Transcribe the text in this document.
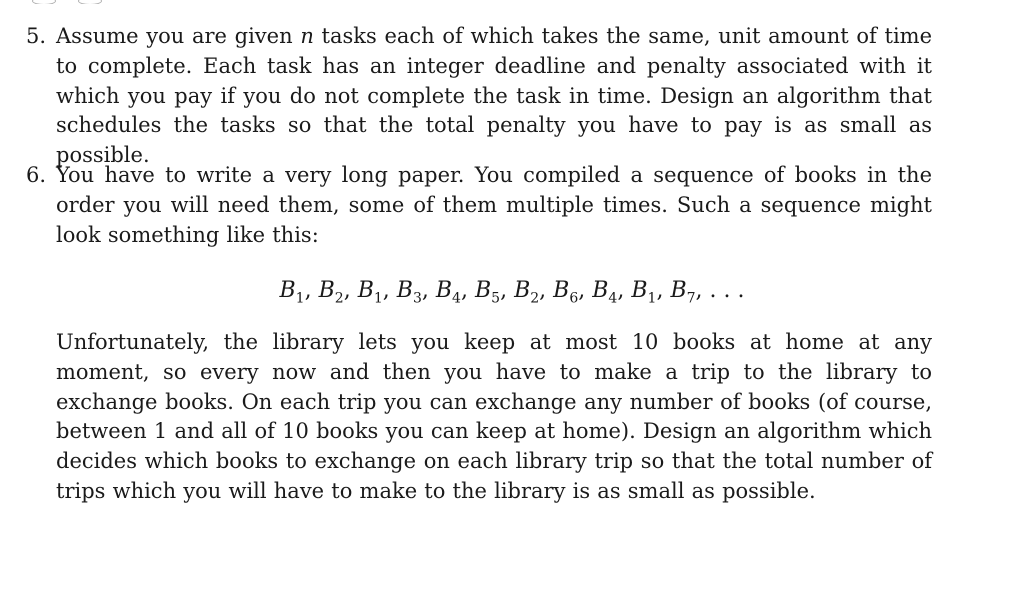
5. Assume you are given n tasks each of which takes the same, unit amount of time to complete. Each task has an integer deadline and penalty associated with it which you pay if you do not complete the task in time. Design an algorithm that schedules the tasks so that the total penalty you have to pay is as small as possible.

6. You have to write a very long paper. You compiled a sequence of books in the order you will need them, some of them multiple times. Such a sequence might look something like this:

$B_1$, $B_2$, $B_1$, $B_3$, $B_4$, $B_5$, $B_2$, $B_6$, $B_4$, $B_1$, $B_7$, . . .

Unfortunately, the library lets you keep at most 10 books at home at any moment, so every now and then you have to make a trip to the library to exchange books. On each trip you can exchange any number of books (of course, between 1 and all of 10 books you can keep at home). Design an algorithm which decides which books to exchange on each library trip so that the total number of trips which you will have to make to the library is as small as possible.
